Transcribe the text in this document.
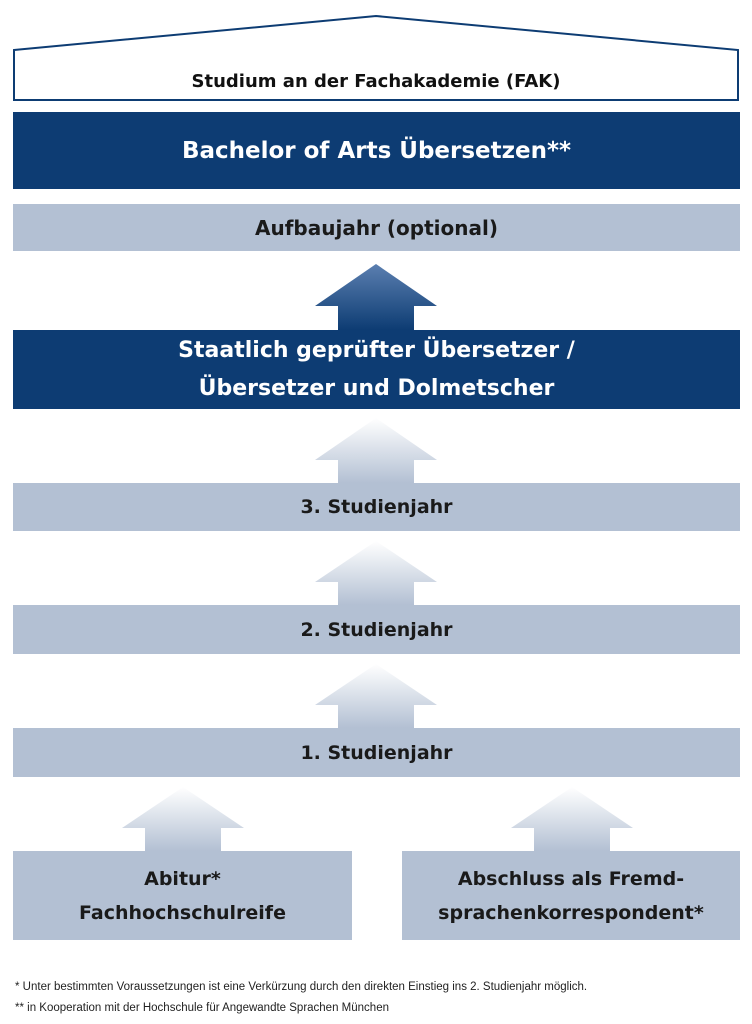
Studium an der Fachakademie (FAK)
Bachelor of Arts Übersetzen**
Aufbaujahr (optional)
Staatlich geprüfter Übersetzer /
Übersetzer und Dolmetscher
3. Studienjahr
2. Studienjahr
1. Studienjahr
Abitur*
Fachhochschulreife
Abschluss als Fremd-
sprachenkorrespondent*
* Unter bestimmten Voraussetzungen ist eine Verkürzung durch den direkten Einstieg ins 2. Studienjahr möglich.
** in Kooperation mit der Hochschule für Angewandte Sprachen München
